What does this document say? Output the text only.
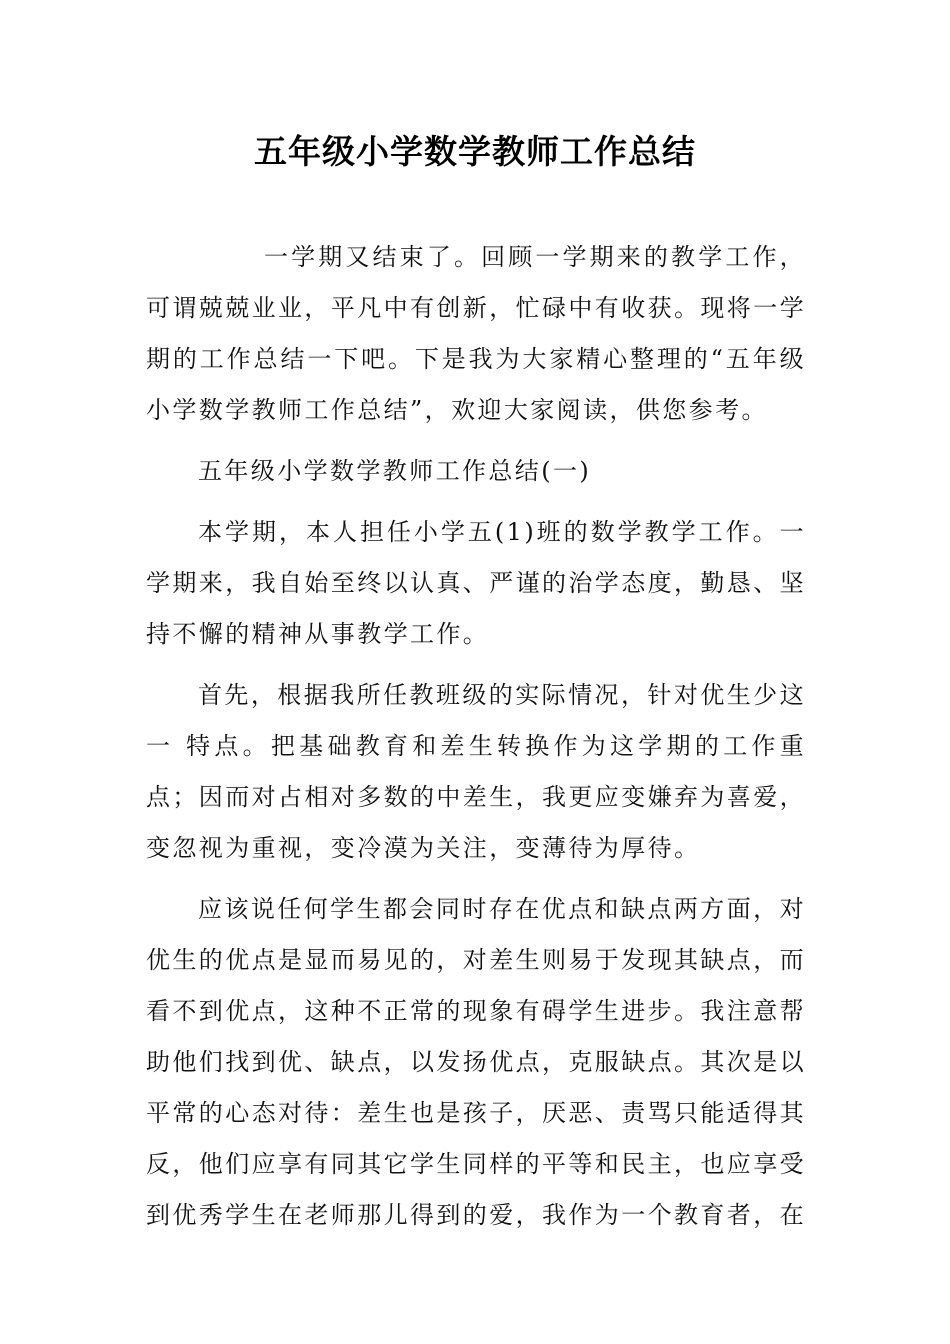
五年级小学数学教师工作总结

一学期又结束了。回顾一学期来的教学工作，可谓兢兢业业，平凡中有创新，忙碌中有收获。现将一学期的工作总结一下吧。下是我为大家精心整理的“五年级小学数学教师工作总结”，欢迎大家阅读，供您参考。

五年级小学数学教师工作总结(一)

本学期，本人担任小学五(1)班的数学教学工作。一学期来，我自始至终以认真、严谨的治学态度，勤恳、坚持不懈的精神从事教学工作。

首先，根据我所任教班级的实际情况，针对优生少这一 特点。把基础教育和差生转换作为这学期的工作重点；因而对占相对多数的中差生，我更应变嫌弃为喜爱，变忽视为重视，变冷漠为关注，变薄待为厚待。

应该说任何学生都会同时存在优点和缺点两方面，对优生的优点是显而易见的，对差生则易于发现其缺点，而看不到优点，这种不正常的现象有碍学生进步。我注意帮助他们找到优、缺点，以发扬优点，克服缺点。其次是以平常的心态对待：差生也是孩子，厌恶、责骂只能适得其反，他们应享有同其它学生同样的平等和民主，也应享受到优秀学生在老师那儿得到的爱，我作为一个教育者，在
